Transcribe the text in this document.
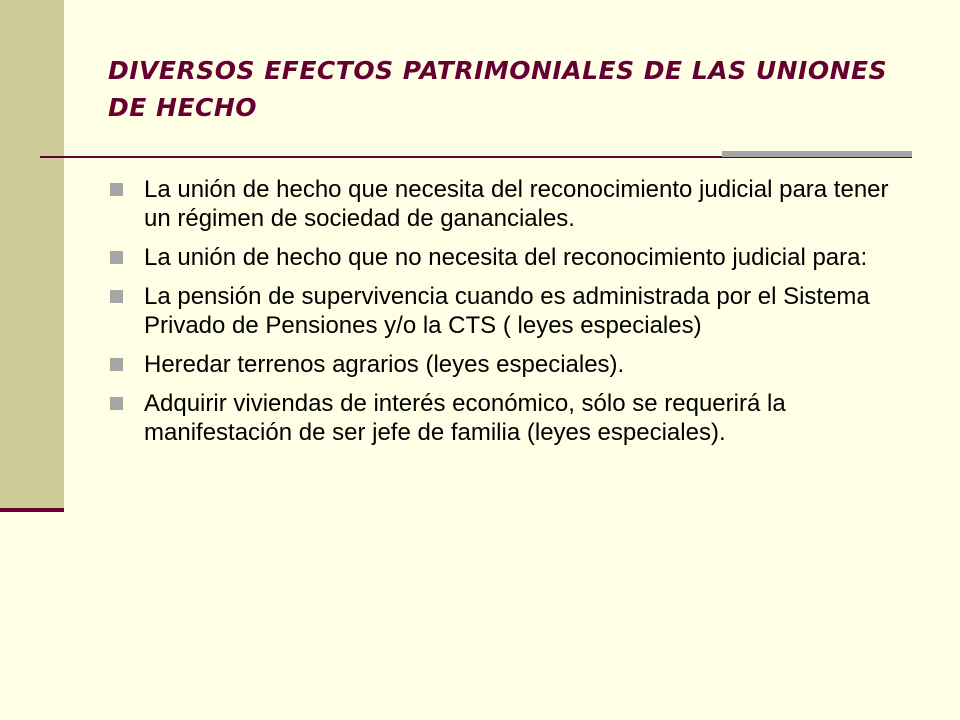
DIVERSOS EFECTOS PATRIMONIALES DE LAS UNIONES DE HECHO
La unión de hecho que necesita del reconocimiento judicial para tener un régimen de sociedad de gananciales.
La unión de hecho que no necesita del reconocimiento judicial para:
La pensión de supervivencia cuando es administrada por el Sistema Privado de Pensiones y/o la CTS ( leyes especiales)
Heredar terrenos agrarios (leyes especiales).
Adquirir viviendas de interés económico, sólo se requerirá la manifestación de ser jefe de familia (leyes especiales).
